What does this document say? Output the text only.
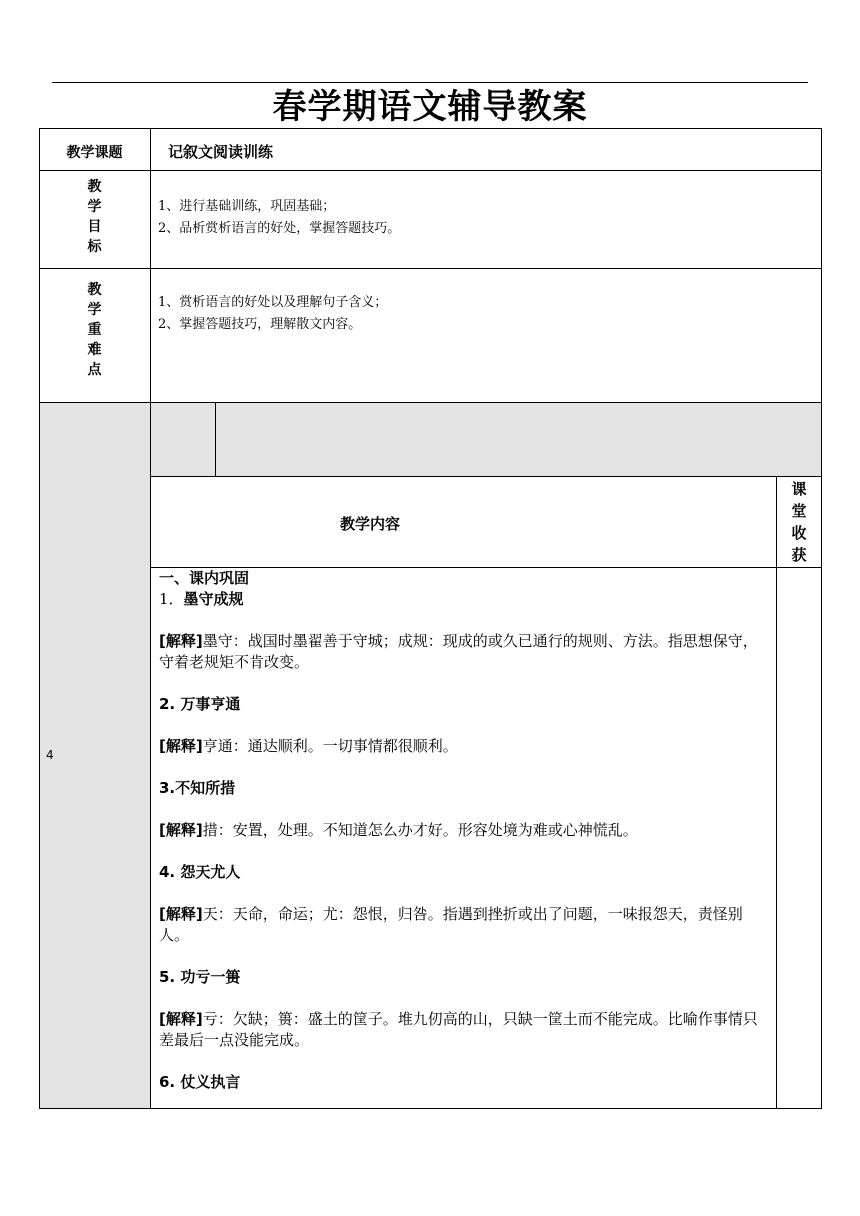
春学期语文辅导教案
4
教学课题	记叙文阅读训练
教
学
目
标
1、进行基础训练，巩固基础；
2、品析赏析语言的好处，掌握答题技巧。
教
学
重
难
点
1、赏析语言的好处以及理解句子含义；
2、掌握答题技巧，理解散文内容。
教学内容
课
堂
收
获
一、课内巩固
1．墨守成规
[解释]墨守：战国时墨翟善于守城；成规：现成的或久已通行的规则、方法。指思想保守，守着老规矩不肯改变。
2. 万事亨通
[解释]亨通：通达顺利。一切事情都很顺利。
3.不知所措
[解释]措：安置，处理。不知道怎么办才好。形容处境为难或心神慌乱。
4. 怨天尤人
[解释]天：天命，命运；尤：怨恨，归咎。指遇到挫折或出了问题，一味报怨天，责怪别人。
5. 功亏一篑
[解释]亏：欠缺；篑：盛土的筐子。堆九仞高的山，只缺一筐土而不能完成。比喻作事情只差最后一点没能完成。
6. 仗义执言
